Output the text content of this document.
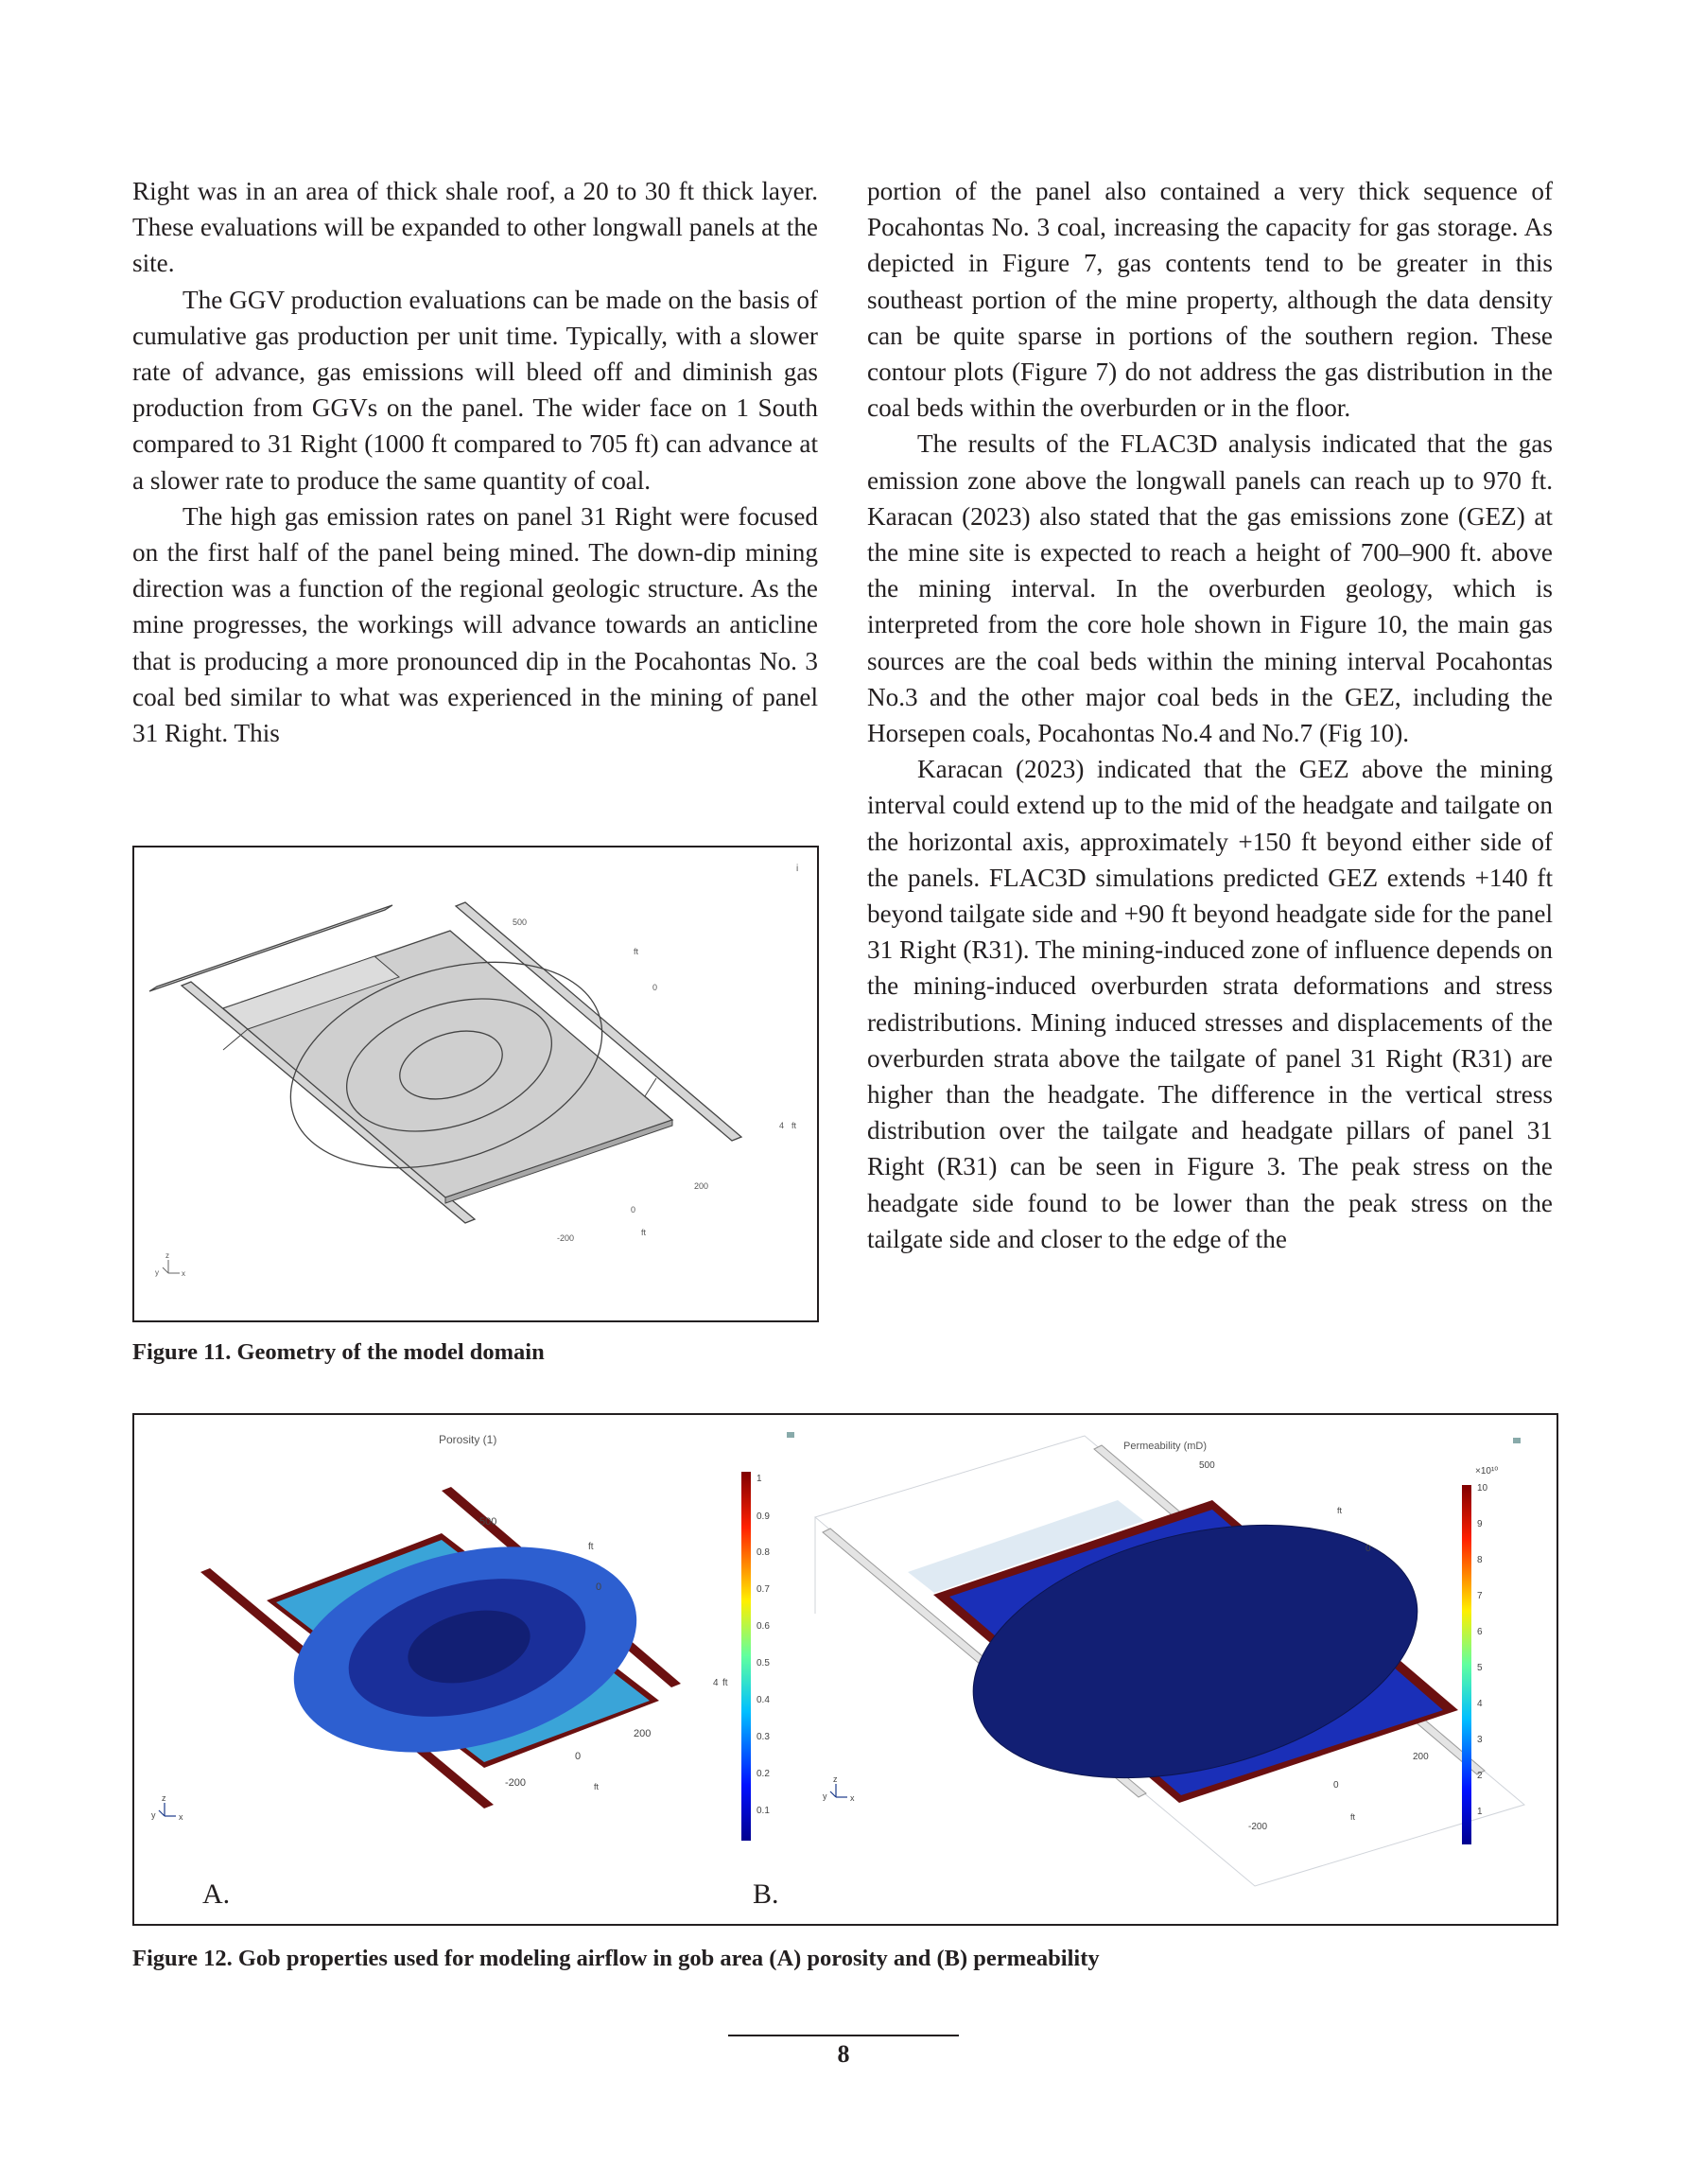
Right was in an area of thick shale roof, a 20 to 30 ft thick layer. These evaluations will be expanded to other longwall panels at the site.

The GGV production evaluations can be made on the basis of cumulative gas production per unit time. Typically, with a slower rate of advance, gas emissions will bleed off and diminish gas production from GGVs on the panel. The wider face on 1 South compared to 31 Right (1000 ft compared to 705 ft) can advance at a slower rate to produce the same quantity of coal.

The high gas emission rates on panel 31 Right were focused on the first half of the panel being mined. The down-dip mining direction was a function of the regional geologic structure. As the mine progresses, the workings will advance towards an anticline that is producing a more pronounced dip in the Pocahontas No. 3 coal bed similar to what was experienced in the mining of panel 31 Right. This

portion of the panel also contained a very thick sequence of Pocahontas No. 3 coal, increasing the capacity for gas storage. As depicted in Figure 7, gas contents tend to be greater in this southeast portion of the mine property, although the data density can be quite sparse in portions of the southern region. These contour plots (Figure 7) do not address the gas distribution in the coal beds within the overburden or in the floor.

The results of the FLAC3D analysis indicated that the gas emission zone above the longwall panels can reach up to 970 ft. Karacan (2023) also stated that the gas emissions zone (GEZ) at the mine site is expected to reach a height of 700–900 ft. above the mining interval. In the overburden geology, which is interpreted from the core hole shown in Figure 10, the main gas sources are the coal beds within the mining interval Pocahontas No.3 and the other major coal beds in the GEZ, including the Horsepen coals, Pocahontas No.4 and No.7 (Fig 10).

Karacan (2023) indicated that the GEZ above the mining interval could extend up to the mid of the headgate and tailgate on the horizontal axis, approximately +150 ft beyond either side of the panels. FLAC3D simulations predicted GEZ extends +140 ft beyond tailgate side and +90 ft beyond headgate side for the panel 31 Right (R31). The mining-induced zone of influence depends on the mining-induced overburden strata deformations and stress redistributions. Mining induced stresses and displacements of the overburden strata above the tailgate of panel 31 Right (R31) are higher than the headgate. The difference in the vertical stress distribution over the tailgate and headgate pillars of panel 31 Right (R31) can be seen in Figure 3. The peak stress on the headgate side found to be lower than the peak stress on the tailgate side and closer to the edge of the

i
500
ft
0
4 ft
200
0
ft
-200
z
y	x
Figure 11. Geometry of the model domain
Porosity (1)
500
ft
0
4 ft
200
0
-200	ft
z
y	x
1
0.9
0.8
0.7
0.6
0.5
0.4
0.3
0.2
0.1
Permeability (mD)
500
ft
0
200
0
ft
-200
z
y	x
×10¹⁰
10
9
8
7
6
5
4
3
2
1
A.	B.
Figure 12. Gob properties used for modeling airflow in gob area (A) porosity and (B) permeability
8
